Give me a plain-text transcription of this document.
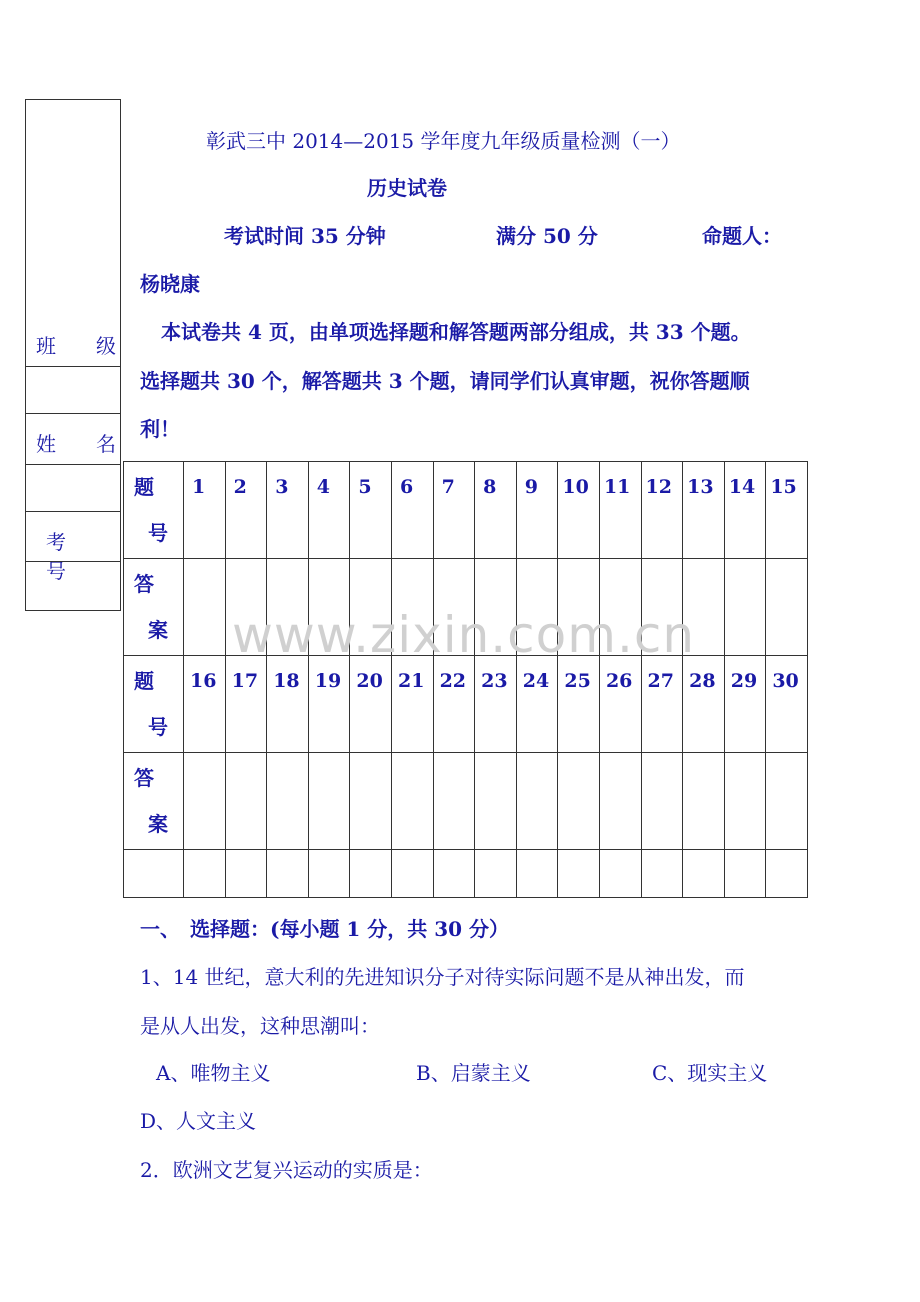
班　　级
姓　　名
考　　号
彰武三中 2014—2015 学年度九年级质量检测（一）
历史试卷
考试时间 35 分钟	满分 50 分	命题人：
杨晓康
本试卷共 4 页，由单项选择题和解答题两部分组成，共 33 个题。
选择题共 30 个，解答题共 3 个题，请同学们认真审题，祝你答题顺
利！
题
号	1	2	3	4	5	6	7	8	9	10	11	12	13	14	15

答
案															

题
号	16	17	18	19	20	21	22	23	24	25	26	27	28	29	30

答
案															

www.zixin.com.cn
一、　选择题：(每小题 1 分，共 30 分）
1、14 世纪，意大利的先进知识分子对待实际问题不是从神出发，而
是从人出发，这种思潮叫：
A、唯物主义	B、启蒙主义	C、现实主义
D、人文主义
2．欧洲文艺复兴运动的实质是：
